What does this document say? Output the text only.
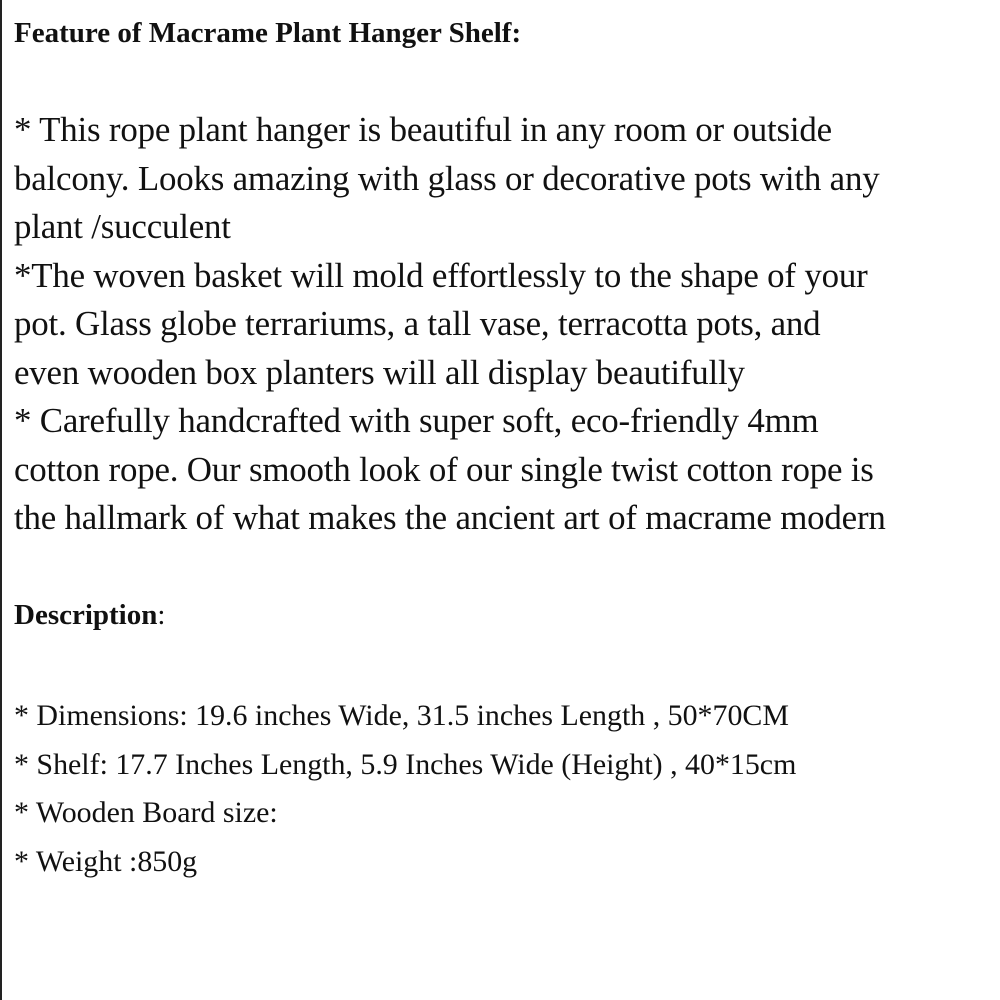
Feature of Macrame Plant Hanger Shelf:
* This rope plant hanger is beautiful in any room or outside
balcony. Looks amazing with glass or decorative pots with any
plant /succulent
*The woven basket will mold effortlessly to the shape of your
pot. Glass globe terrariums, a tall vase, terracotta pots, and
even wooden box planters will all display beautifully
* Carefully handcrafted with super soft, eco-friendly 4mm
cotton rope. Our smooth look of our single twist cotton rope is
the hallmark of what makes the ancient art of macrame modern
Description:
* Dimensions: 19.6 inches Wide, 31.5 inches Length , 50*70CM
* Shelf: 17.7 Inches Length, 5.9 Inches Wide (Height) , 40*15cm
* Wooden Board size:
* Weight :850g
